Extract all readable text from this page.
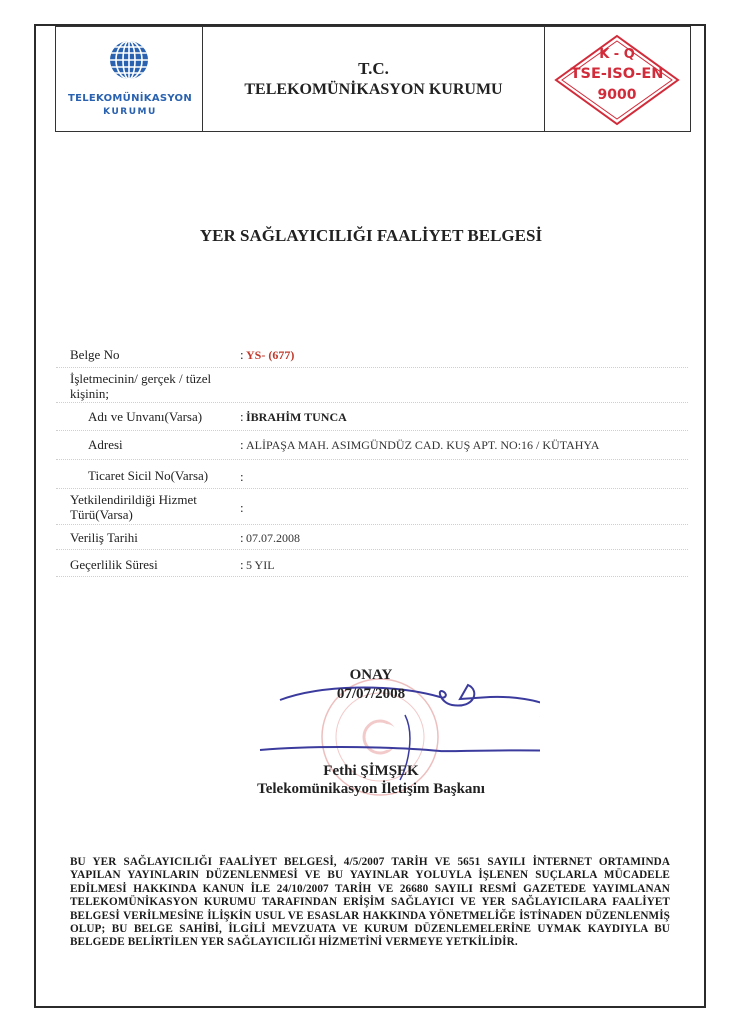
TELEKOMÜNİKASYON
KURUMU
T.C.
TELEKOMÜNİKASYON KURUMU
K - Q
TSE-ISO-EN
9000
YER SAĞLAYICILIĞI FAALİYET BELGESİ
Belge No	: YS- (677)
İşletmecinin/ gerçek / tüzel kişinin;
Adı ve Unvanı(Varsa)	: İBRAHİM TUNCA
Adresi	: ALİPAŞA MAH. ASIMGÜNDÜZ CAD. KUŞ APT. NO:16 / KÜTAHYA
Ticaret Sicil No(Varsa) :
Yetkilendirildiği Hizmet Türü(Varsa)	:
Veriliş Tarihi	: 07.07.2008
Geçerlilik Süresi	: 5 YIL
ONAY
07/07/2008
Fethi ŞİMŞEK
Telekomünikasyon İletişim Başkanı
BU YER SAĞLAYICILIĞI FAALİYET BELGESİ, 4/5/2007 TARİH VE 5651 SAYILI İNTERNET ORTAMINDA YAPILAN YAYINLARIN DÜZENLENMESİ VE BU YAYINLAR YOLUYLA İŞLENEN SUÇLARLA MÜCADELE EDİLMESİ HAKKINDA KANUN İLE 24/10/2007 TARİH VE 26680 SAYILI RESMİ GAZETEDE YAYIMLANAN TELEKOMÜNİKASYON KURUMU TARAFINDAN ERİŞİM SAĞLAYICI VE YER SAĞLAYICILARA FAALİYET BELGESİ VERİLMESİNE İLİŞKİN USUL VE ESASLAR HAKKINDA YÖNETMELİĞE İSTİNADEN DÜZENLENMİŞ OLUP; BU BELGE SAHİBİ, İLGİLİ MEVZUATA VE KURUM DÜZENLEMELERİNE UYMAK KAYDIYLA BU BELGEDE BELİRTİLEN YER SAĞLAYICILIĞI HİZMETİNİ VERMEYE YETKİLİDİR.
